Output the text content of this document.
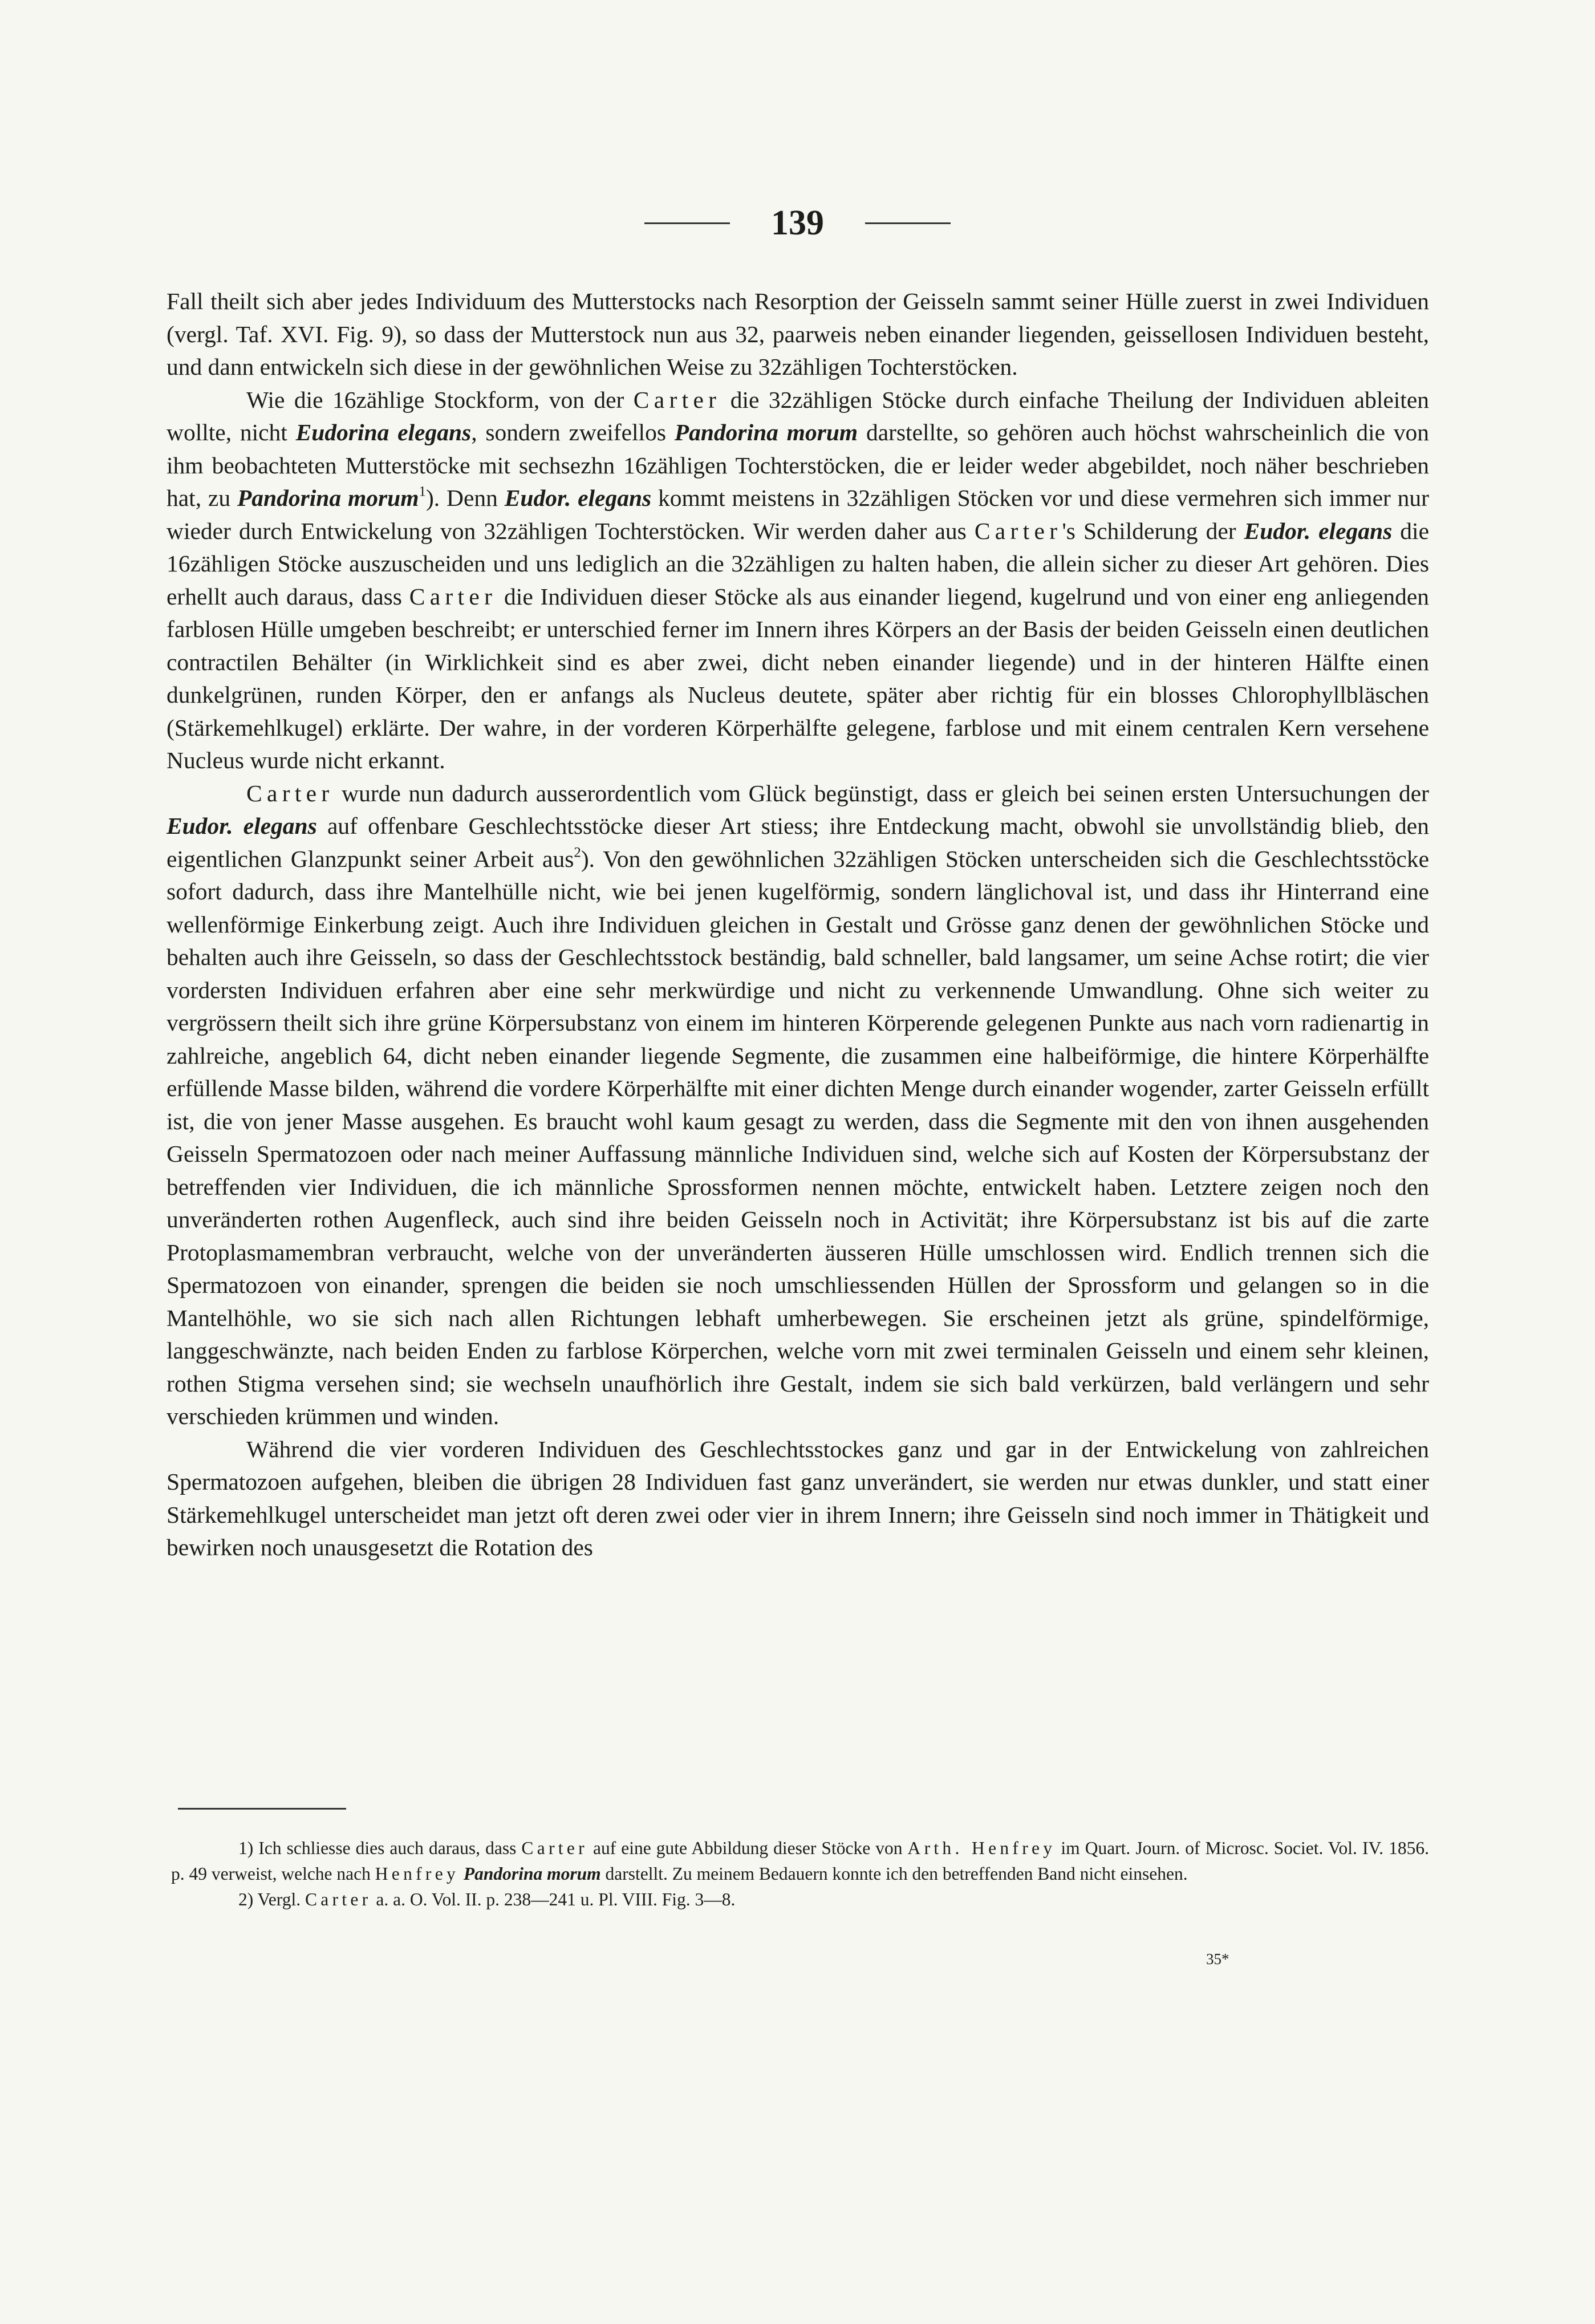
139

Fall theilt sich aber jedes Individuum des Mutterstocks nach Resorption der Geisseln sammt seiner Hülle zuerst in zwei Individuen (vergl. Taf. XVI. Fig. 9), so dass der Mutterstock nun aus 32, paarweis neben einander liegenden, geissellosen Individuen besteht, und dann entwickeln sich diese in der gewöhnlichen Weise zu 32zähligen Tochterstöcken.

Wie die 16zählige Stockform, von der Carter die 32zähligen Stöcke durch einfache Theilung der Individuen ableiten wollte, nicht Eudorina elegans, sondern zweifellos Pandorina morum darstellte, so gehören auch höchst wahrscheinlich die von ihm beobachteten Mutterstöcke mit sechsezhn 16zähligen Tochterstöcken, die er leider weder abgebildet, noch näher beschrieben hat, zu Pandorina morum$^1$). Denn Eudor. elegans kommt meistens in 32zähligen Stöcken vor und diese vermehren sich immer nur wieder durch Entwickelung von 32zähligen Tochterstöcken. Wir werden daher aus Carter's Schilderung der Eudor. elegans die 16zähligen Stöcke auszuscheiden und uns lediglich an die 32zähligen zu halten haben, die allein sicher zu dieser Art gehören. Dies erhellt auch daraus, dass Carter die Individuen dieser Stöcke als aus einander liegend, kugelrund und von einer eng anliegenden farblosen Hülle umgeben beschreibt; er unterschied ferner im Innern ihres Körpers an der Basis der beiden Geisseln einen deutlichen contractilen Behälter (in Wirklichkeit sind es aber zwei, dicht neben einander liegende) und in der hinteren Hälfte einen dunkelgrünen, runden Körper, den er anfangs als Nucleus deutete, später aber richtig für ein blosses Chlorophyllbläschen (Stärkemehlkugel) erklärte. Der wahre, in der vorderen Körperhälfte gelegene, farblose und mit einem centralen Kern versehene Nucleus wurde nicht erkannt.

Carter wurde nun dadurch ausserordentlich vom Glück begünstigt, dass er gleich bei seinen ersten Untersuchungen der Eudor. elegans auf offenbare Geschlechtsstöcke dieser Art stiess; ihre Entdeckung macht, obwohl sie unvollständig blieb, den eigentlichen Glanzpunkt seiner Arbeit aus$^2$). Von den gewöhnlichen 32zähligen Stöcken unterscheiden sich die Geschlechtsstöcke sofort dadurch, dass ihre Mantelhülle nicht, wie bei jenen kugelförmig, sondern länglichoval ist, und dass ihr Hinterrand eine wellenförmige Einkerbung zeigt. Auch ihre Individuen gleichen in Gestalt und Grösse ganz denen der gewöhnlichen Stöcke und behalten auch ihre Geisseln, so dass der Geschlechtsstock beständig, bald schneller, bald langsamer, um seine Achse rotirt; die vier vordersten Individuen erfahren aber eine sehr merkwürdige und nicht zu verkennende Umwandlung. Ohne sich weiter zu vergrössern theilt sich ihre grüne Körpersubstanz von einem im hinteren Körperende gelegenen Punkte aus nach vorn radienartig in zahlreiche, angeblich 64, dicht neben einander liegende Segmente, die zusammen eine halbeiförmige, die hintere Körperhälfte erfüllende Masse bilden, während die vordere Körperhälfte mit einer dichten Menge durch einander wogender, zarter Geisseln erfüllt ist, die von jener Masse ausgehen. Es braucht wohl kaum gesagt zu werden, dass die Segmente mit den von ihnen ausgehenden Geisseln Spermatozoen oder nach meiner Auffassung männliche Individuen sind, welche sich auf Kosten der Körpersubstanz der betreffenden vier Individuen, die ich männliche Sprossformen nennen möchte, entwickelt haben. Letztere zeigen noch den unveränderten rothen Augenfleck, auch sind ihre beiden Geisseln noch in Activität; ihre Körpersubstanz ist bis auf die zarte Protoplasmamembran verbraucht, welche von der unveränderten äusseren Hülle umschlossen wird. Endlich trennen sich die Spermatozoen von einander, sprengen die beiden sie noch umschliessenden Hüllen der Sprossform und gelangen so in die Mantelhöhle, wo sie sich nach allen Richtungen lebhaft umherbewegen. Sie erscheinen jetzt als grüne, spindelförmige, langgeschwänzte, nach beiden Enden zu farblose Körperchen, welche vorn mit zwei terminalen Geisseln und einem sehr kleinen, rothen Stigma versehen sind; sie wechseln unaufhörlich ihre Gestalt, indem sie sich bald verkürzen, bald verlängern und sehr verschieden krümmen und winden.

Während die vier vorderen Individuen des Geschlechtsstockes ganz und gar in der Entwickelung von zahlreichen Spermatozoen aufgehen, bleiben die übrigen 28 Individuen fast ganz unverändert, sie werden nur etwas dunkler, und statt einer Stärkemehlkugel unterscheidet man jetzt oft deren zwei oder vier in ihrem Innern; ihre Geisseln sind noch immer in Thätigkeit und bewirken noch unausgesetzt die Rotation des

1) Ich schliesse dies auch daraus, dass Carter auf eine gute Abbildung dieser Stöcke von Arth. Henfrey im Quart. Journ. of Microsc. Societ. Vol. IV. 1856. p. 49 verweist, welche nach Henfrey Pandorina morum darstellt. Zu meinem Bedauern konnte ich den betreffenden Band nicht einsehen.

2) Vergl. Carter a. a. O. Vol. II. p. 238—241 u. Pl. VIII. Fig. 3—8.

35*
